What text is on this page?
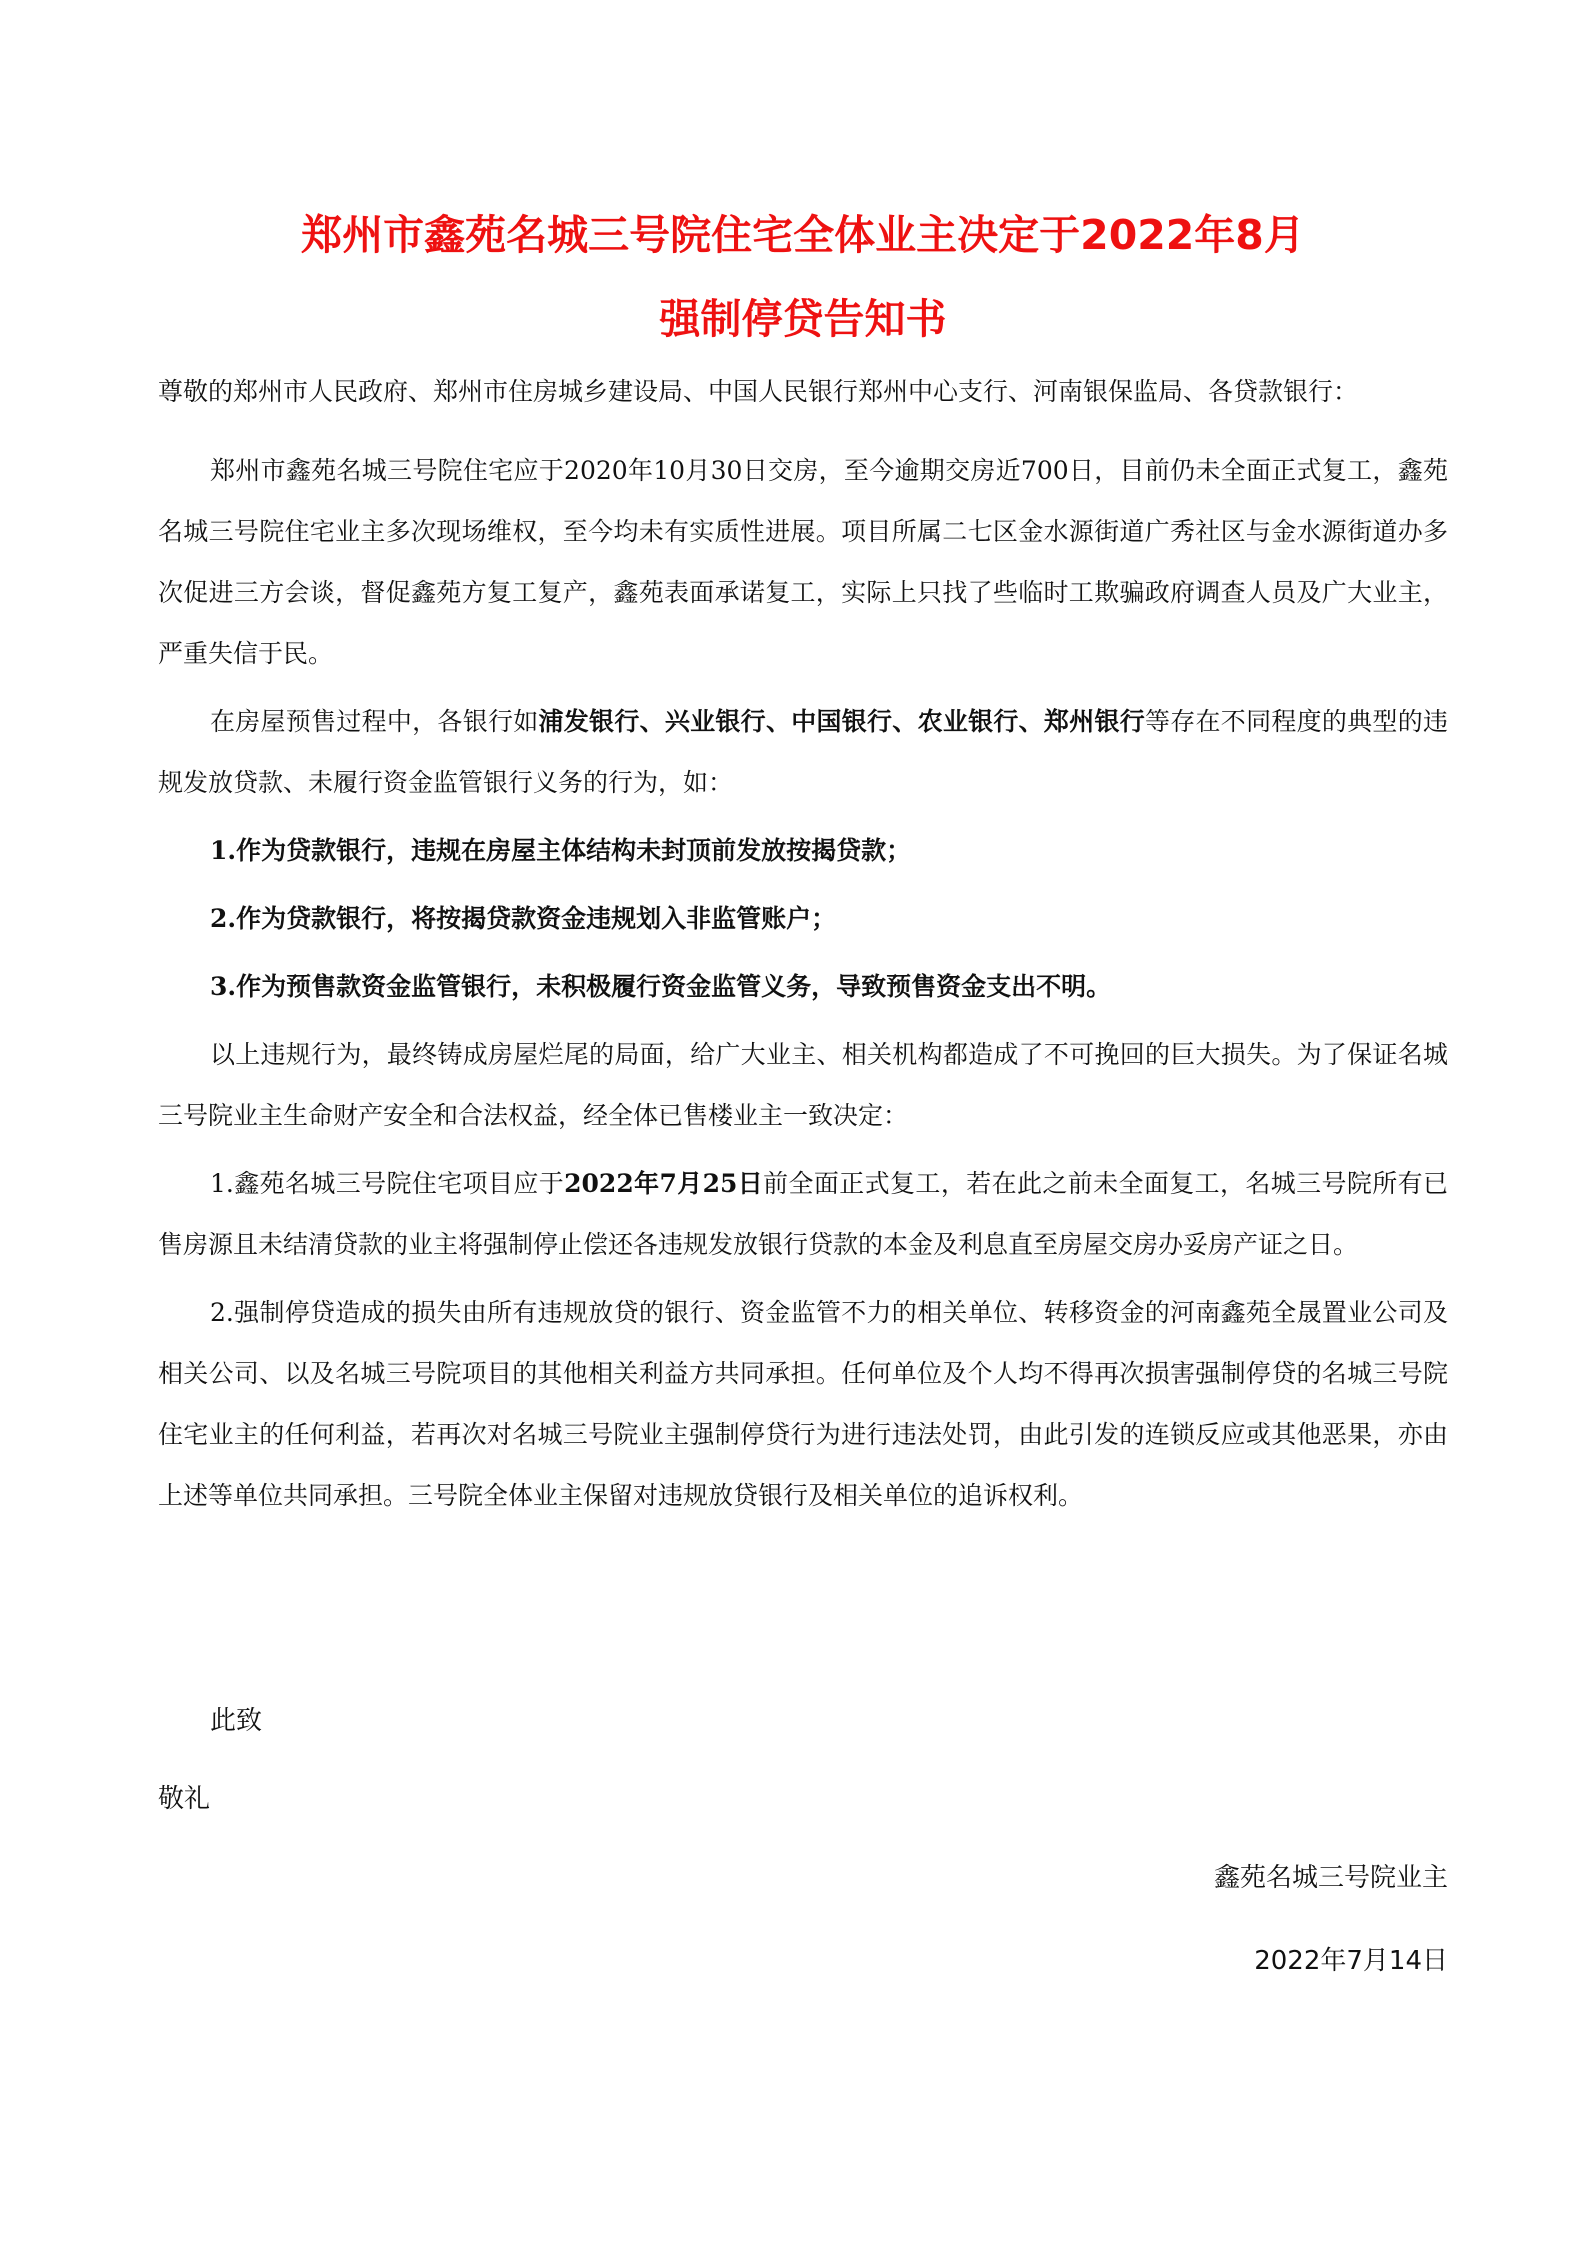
郑州市鑫苑名城三号院住宅全体业主决定于2022年8月
强制停贷告知书

尊敬的郑州市人民政府、郑州市住房城乡建设局、中国人民银行郑州中心支行、河南银保监局、各贷款银行：

郑州市鑫苑名城三号院住宅应于2020年10月30日交房，至今逾期交房近700日，目前仍未全面正式复工，鑫苑名城三号院住宅业主多次现场维权，至今均未有实质性进展。项目所属二七区金水源街道广秀社区与金水源街道办多次促进三方会谈，督促鑫苑方复工复产，鑫苑表面承诺复工，实际上只找了些临时工欺骗政府调查人员及广大业主，严重失信于民。

在房屋预售过程中，各银行如浦发银行、兴业银行、中国银行、农业银行、郑州银行等存在不同程度的典型的违规发放贷款、未履行资金监管银行义务的行为，如：

1.作为贷款银行，违规在房屋主体结构未封顶前发放按揭贷款；

2.作为贷款银行，将按揭贷款资金违规划入非监管账户；

3.作为预售款资金监管银行，未积极履行资金监管义务，导致预售资金支出不明。

以上违规行为，最终铸成房屋烂尾的局面，给广大业主、相关机构都造成了不可挽回的巨大损失。为了保证名城三号院业主生命财产安全和合法权益，经全体已售楼业主一致决定：

1.鑫苑名城三号院住宅项目应于2022年7月25日前全面正式复工，若在此之前未全面复工，名城三号院所有已售房源且未结清贷款的业主将强制停止偿还各违规发放银行贷款的本金及利息直至房屋交房办妥房产证之日。

2.强制停贷造成的损失由所有违规放贷的银行、资金监管不力的相关单位、转移资金的河南鑫苑全晟置业公司及相关公司、以及名城三号院项目的其他相关利益方共同承担。任何单位及个人均不得再次损害强制停贷的名城三号院住宅业主的任何利益，若再次对名城三号院业主强制停贷行为进行违法处罚，由此引发的连锁反应或其他恶果，亦由上述等单位共同承担。三号院全体业主保留对违规放贷银行及相关单位的追诉权利。

此致

敬礼

鑫苑名城三号院业主
2022年7月14日
